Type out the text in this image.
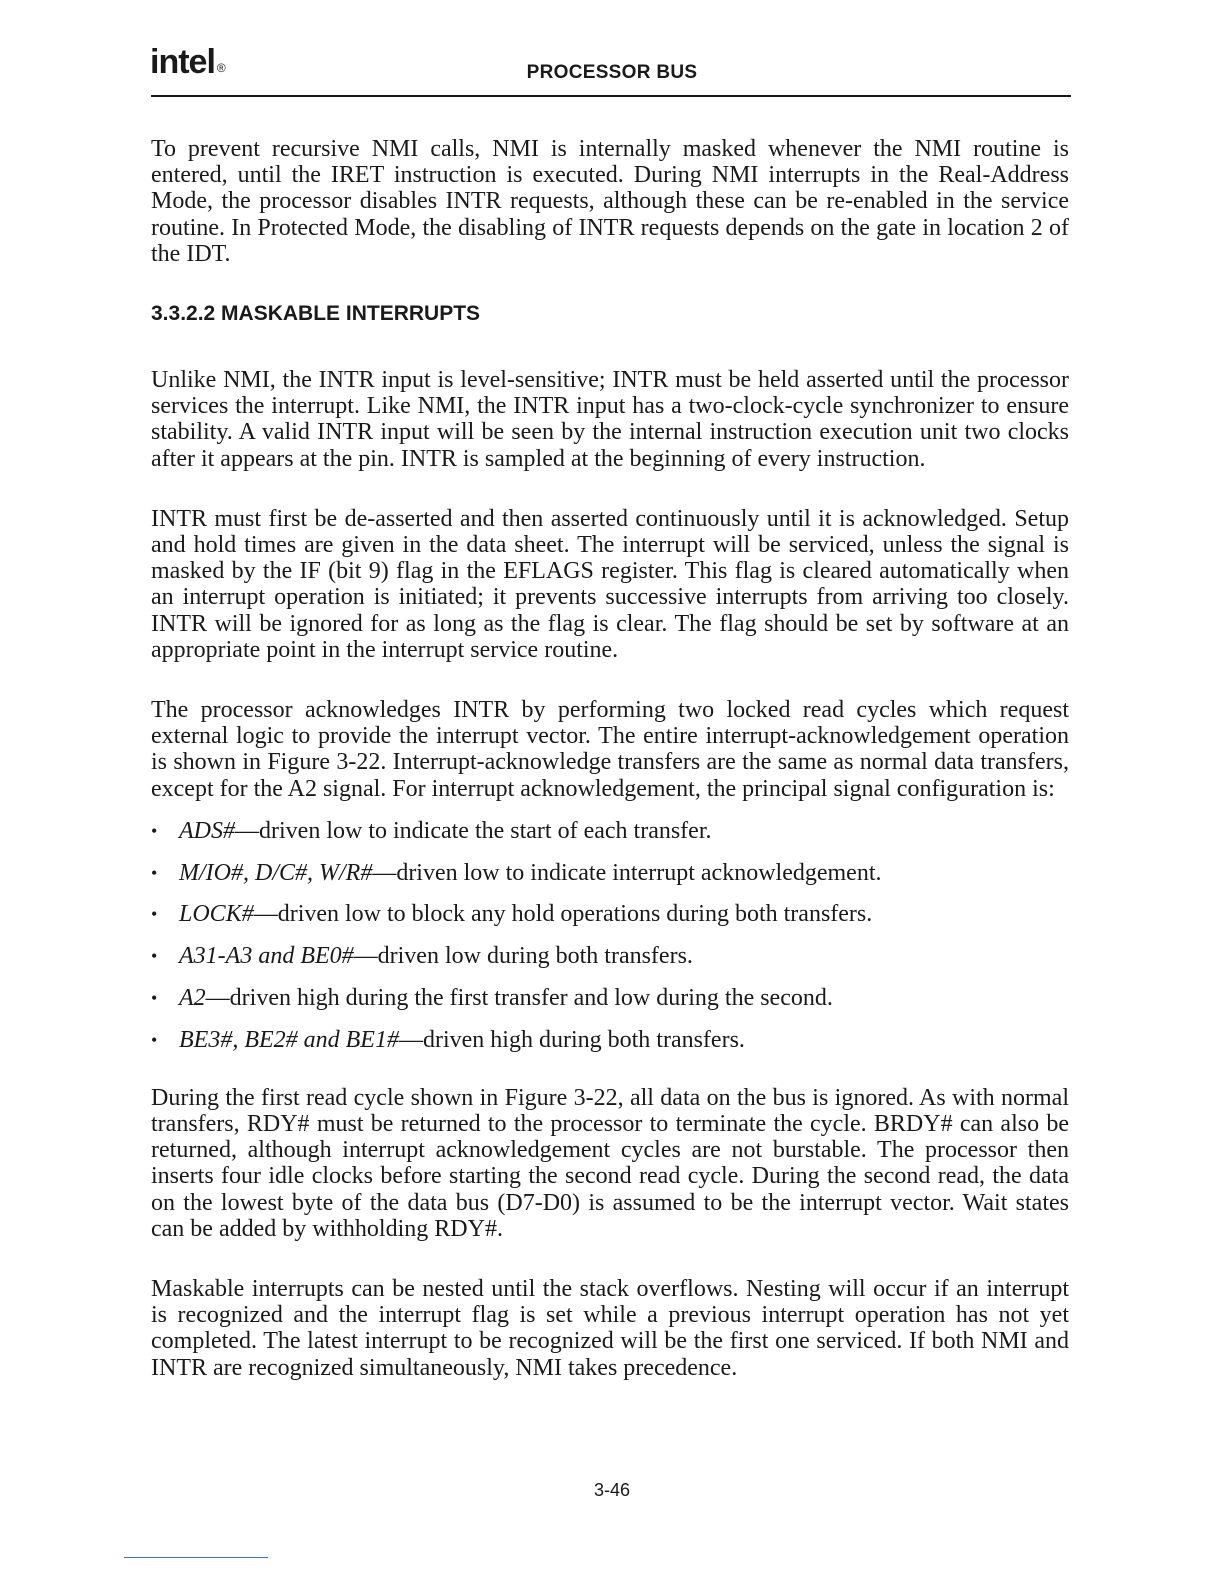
intel ®	PROCESSOR BUS

To prevent recursive NMI calls, NMI is internally masked whenever the NMI routine is entered, until the IRET instruction is executed. During NMI interrupts in the Real-Address Mode, the processor disables INTR requests, although these can be re-enabled in the service routine. In Protected Mode, the disabling of INTR requests depends on the gate in location 2 of the IDT.

3.3.2.2 MASKABLE INTERRUPTS

Unlike NMI, the INTR input is level-sensitive; INTR must be held asserted until the processor services the interrupt. Like NMI, the INTR input has a two-clock-cycle synchronizer to ensure stability. A valid INTR input will be seen by the internal instruction execution unit two clocks after it appears at the pin. INTR is sampled at the beginning of every instruction.

INTR must first be de-asserted and then asserted continuously until it is acknowledged. Setup and hold times are given in the data sheet. The interrupt will be serviced, unless the signal is masked by the IF (bit 9) flag in the EFLAGS register. This flag is cleared automatically when an interrupt operation is initiated; it prevents successive interrupts from arriving too closely. INTR will be ignored for as long as the flag is clear. The flag should be set by software at an appropriate point in the interrupt service routine.

The processor acknowledges INTR by performing two locked read cycles which request external logic to provide the interrupt vector. The entire interrupt-acknowledgement operation is shown in Figure 3-22. Interrupt-acknowledge transfers are the same as normal data transfers, except for the A2 signal. For interrupt acknowledgement, the principal signal configuration is:

• ADS#—driven low to indicate the start of each transfer.
• M/IO#, D/C#, W/R#—driven low to indicate interrupt acknowledgement.
• LOCK#—driven low to block any hold operations during both transfers.
• A31-A3 and BE0#—driven low during both transfers.
• A2—driven high during the first transfer and low during the second.
• BE3#, BE2# and BE1#—driven high during both transfers.

During the first read cycle shown in Figure 3-22, all data on the bus is ignored. As with normal transfers, RDY# must be returned to the processor to terminate the cycle. BRDY# can also be returned, although interrupt acknowledgement cycles are not burstable. The processor then inserts four idle clocks before starting the second read cycle. During the second read, the data on the lowest byte of the data bus (D7-D0) is assumed to be the interrupt vector. Wait states can be added by withholding RDY#.

Maskable interrupts can be nested until the stack overflows. Nesting will occur if an interrupt is recognized and the interrupt flag is set while a previous interrupt operation has not yet completed. The latest interrupt to be recognized will be the first one serviced. If both NMI and INTR are recognized simultaneously, NMI takes precedence.

3-46
